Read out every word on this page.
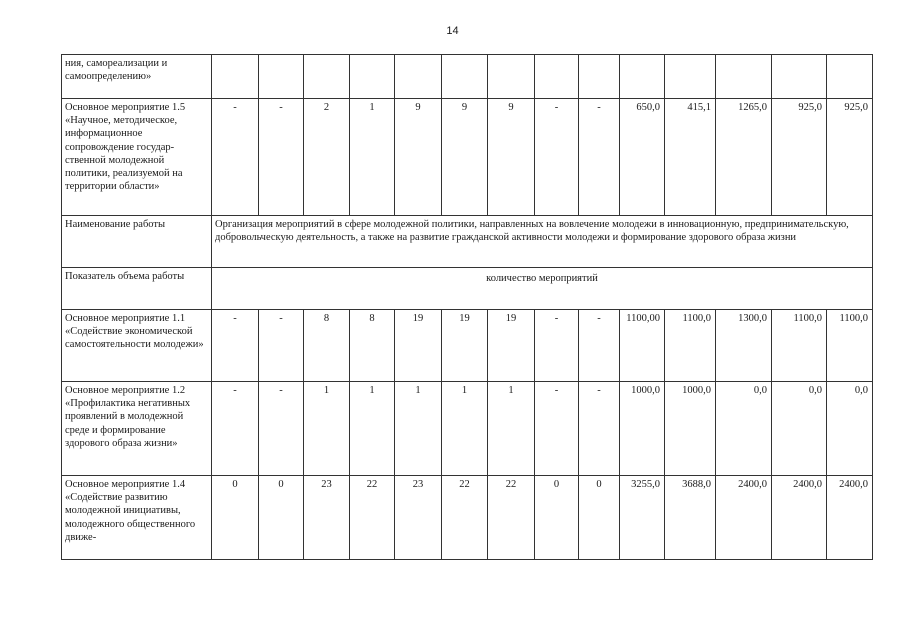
14
ния, самореализации и самоопределению»														
Основное мероприятие 1.5 «Научное, методическое, информационное сопровождение государственной молодежной политики, реализуемой на территории области»	-	-	2	1	9	9	9	-	-	650,0	415,1	1265,0	925,0	925,0
Наименование работы	Организация мероприятий в сфере молодежной политики, направленных на вовлечение молодежи в инновационную, предпринимательскую, добровольческую деятельность, а также на развитие гражданской активности молодежи и формирование здорового образа жизни													
Показатель объема работы	количество мероприятий													
Основное мероприятие 1.1 «Содействие экономической самостоятельности молодежи»	-	-	8	8	19	19	19	-	-	1100,00	1100,0	1300,0	1100,0	1100,0
Основное мероприятие 1.2 «Профилактика негативных проявлений в молодежной среде и формирование здорового образа жизни»	-	-	1	1	1	1	1	-	-	1000,0	1000,0	0,0	0,0	0,0
Основное мероприятие 1.4 «Содействие развитию молодежной инициативы, молодежного общественного движе-	0	0	23	22	23	22	22	0	0	3255,0	3688,0	2400,0	2400,0	2400,0
